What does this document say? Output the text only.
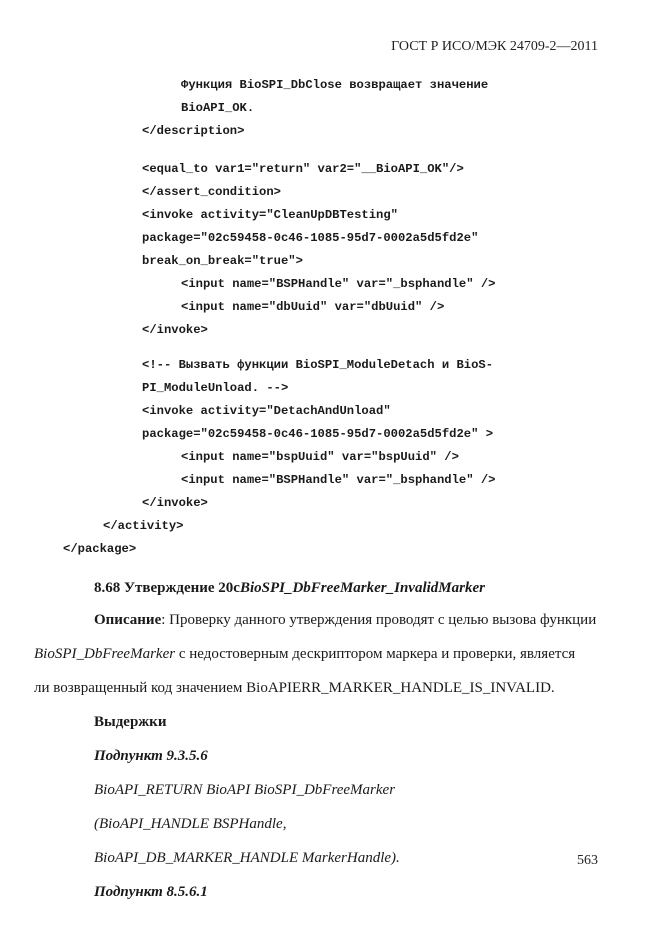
ГОСТ Р ИСО/МЭК 24709-2—2011
Функция BioSPI_DbClose возвращает значение
BioAPI_OK.
</description>
<equal_to var1="return" var2="__BioAPI_OK"/>
</assert_condition>
<invoke activity="CleanUpDBTesting"
package="02c59458-0c46-1085-95d7-0002a5d5fd2e"
break_on_break="true">
<input name="BSPHandle" var="_bsphandle" />
<input name="dbUuid" var="dbUuid" />
</invoke>
<!-- Вызвать функции BioSPI_ModuleDetach и BioS-
PI_ModuleUnload. -->
<invoke activity="DetachAndUnload"
package="02c59458-0c46-1085-95d7-0002a5d5fd2e" >
<input name="bspUuid" var="bspUuid" />
<input name="BSPHandle" var="_bsphandle" />
</invoke>
</activity>
</package>
8.68 Утверждение 20сBioSPI_DbFreeMarker_InvalidMarker
Описание: Проверку данного утверждения проводят с целью вызова функции
BioSPI_DbFreeMarker с недостоверным дескриптором маркера и проверки, является
ли возвращенный код значением BioAPIERR_MARKER_HANDLE_IS_INVALID.
Выдержки
Подпункт 9.3.5.6
BioAPI_RETURN BioAPI BioSPI_DbFreeMarker
(BioAPI_HANDLE BSPHandle,
BioAPI_DB_MARKER_HANDLE MarkerHandle).
Подпункт 8.5.6.1
563
